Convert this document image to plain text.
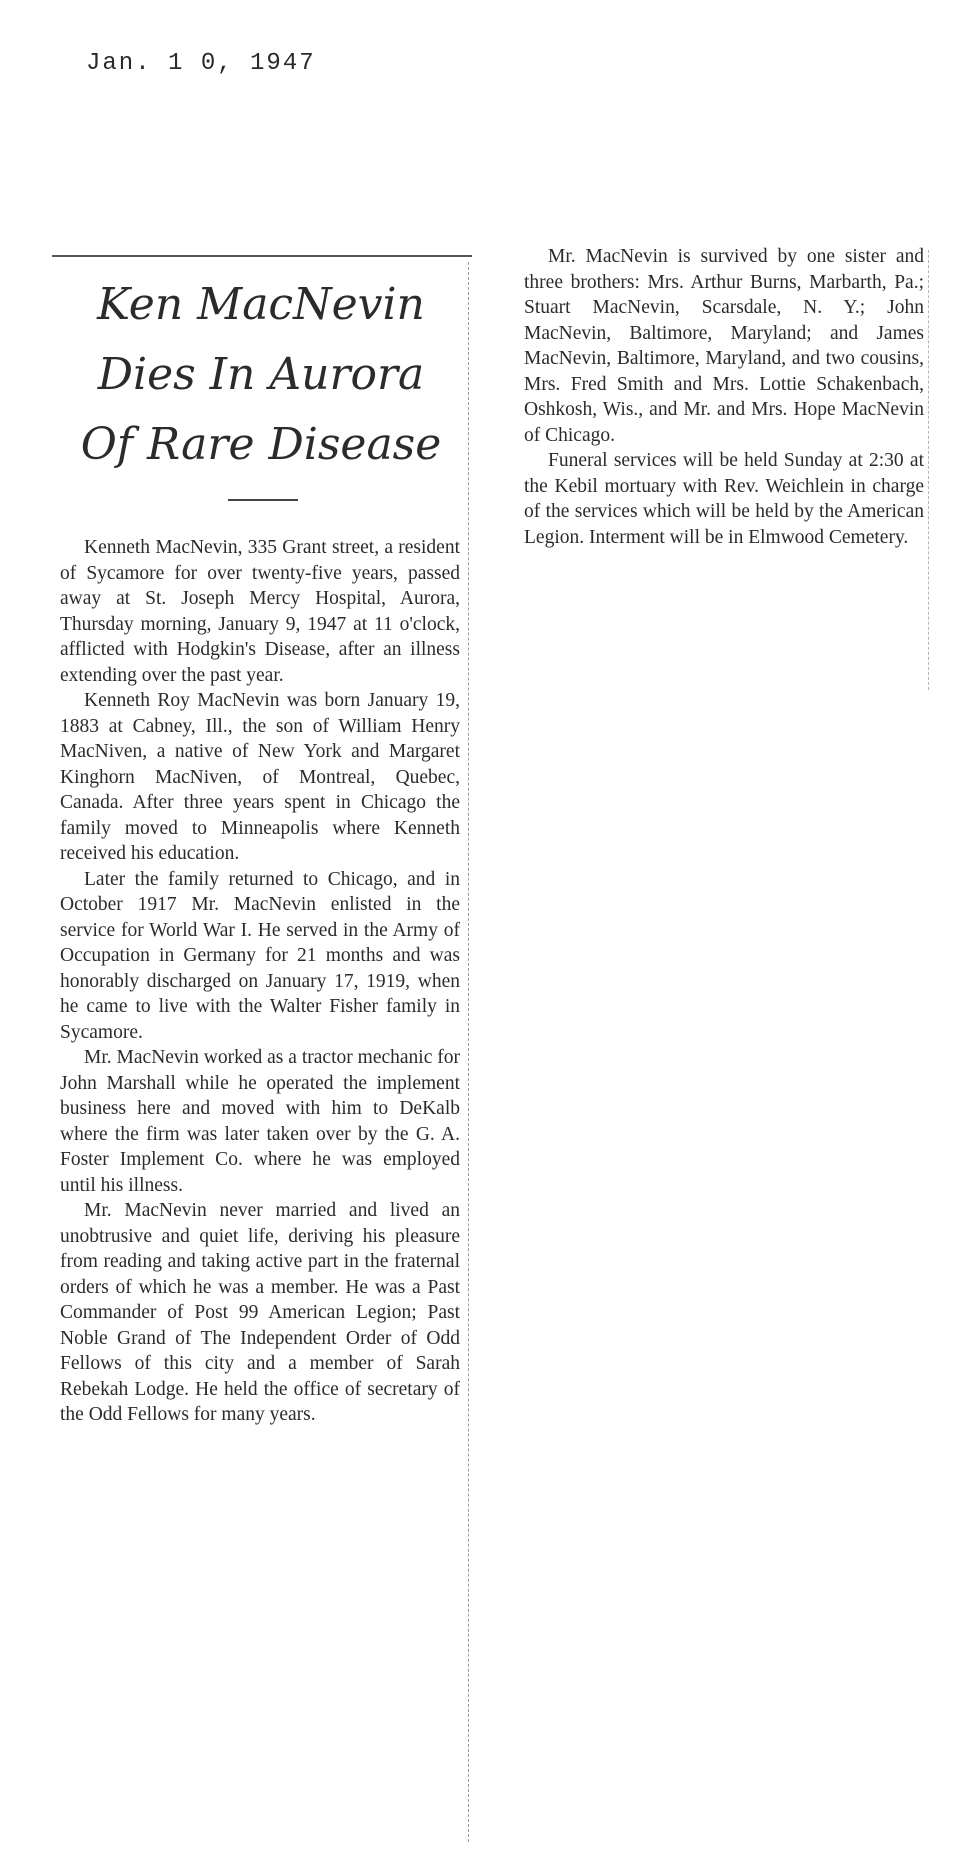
Jan. 1 0, 1947
Ken MacNevin
Dies In Aurora
Of Rare Disease

Kenneth MacNevin, 335 Grant street, a resident of Sycamore for over twenty-five years, passed away at St. Joseph Mercy Hospital, Aurora, Thursday morning, January 9, 1947 at 11 o'clock, afflicted with Hodgkin's Disease, after an illness extending over the past year.

Kenneth Roy MacNevin was born January 19, 1883 at Cabney, Ill., the son of William Henry MacNiven, a native of New York and Margaret Kinghorn MacNiven, of Montreal, Quebec, Canada. After three years spent in Chicago the family moved to Minneapolis where Kenneth received his education.

Later the family returned to Chicago, and in October 1917 Mr. MacNevin enlisted in the service for World War I. He served in the Army of Occupation in Germany for 21 months and was honorably discharged on January 17, 1919, when he came to live with the Walter Fisher family in Sycamore.

Mr. MacNevin worked as a tractor mechanic for John Marshall while he operated the implement business here and moved with him to DeKalb where the firm was later taken over by the G. A. Foster Implement Co. where he was employed until his illness.

Mr. MacNevin never married and lived an unobtrusive and quiet life, deriving his pleasure from reading and taking active part in the fraternal orders of which he was a member. He was a Past Commander of Post 99 American Legion; Past Noble Grand of The Independent Order of Odd Fellows of this city and a member of Sarah Rebekah Lodge. He held the office of secretary of the Odd Fellows for many years.

Mr. MacNevin is survived by one sister and three brothers: Mrs. Arthur Burns, Marbarth, Pa.; Stuart MacNevin, Scarsdale, N. Y.; John MacNevin, Baltimore, Maryland; and James MacNevin, Baltimore, Maryland, and two cousins, Mrs. Fred Smith and Mrs. Lottie Schakenbach, Oshkosh, Wis., and Mr. and Mrs. Hope MacNevin of Chicago.

Funeral services will be held Sunday at 2:30 at the Kebil mortuary with Rev. Weichlein in charge of the services which will be held by the American Legion. Interment will be in Elmwood Cemetery.
